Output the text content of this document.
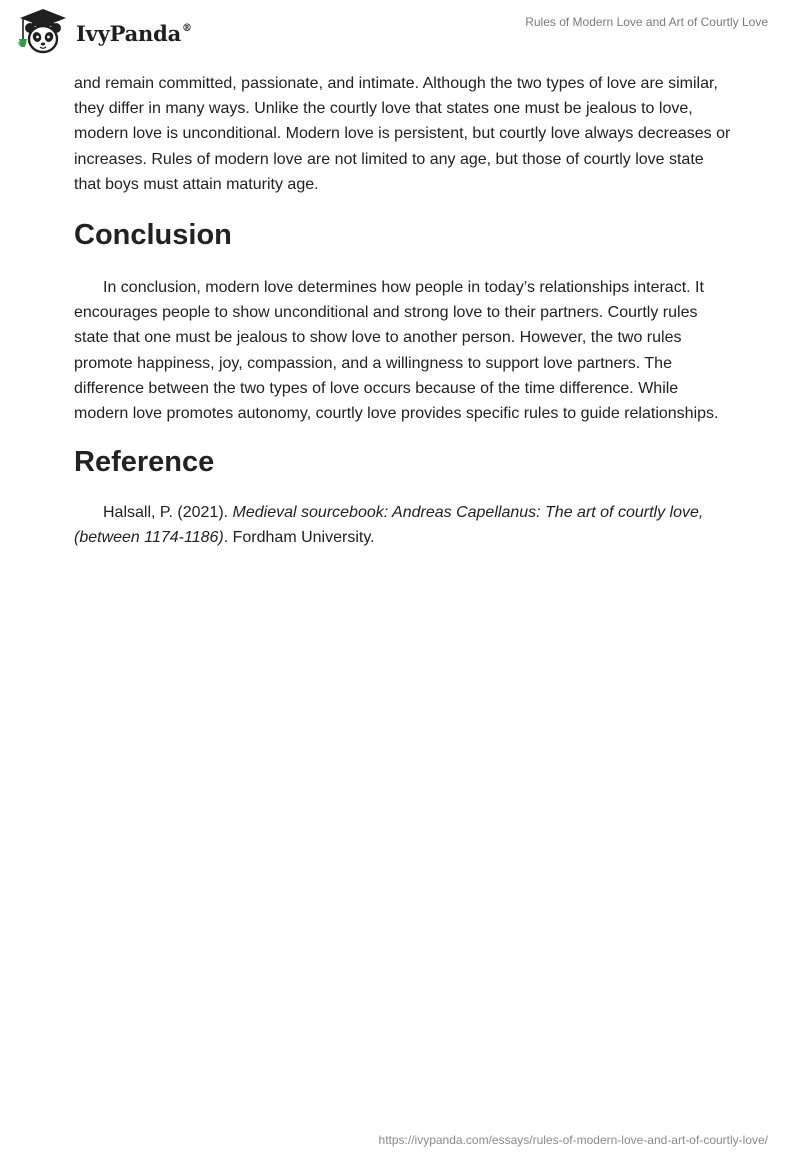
IvyPanda®	Rules of Modern Love and Art of Courtly Love

and remain committed, passionate, and intimate. Although the two types of love are similar, they differ in many ways. Unlike the courtly love that states one must be jealous to love, modern love is unconditional. Modern love is persistent, but courtly love always decreases or increases. Rules of modern love are not limited to any age, but those of courtly love state that boys must attain maturity age.

Conclusion

In conclusion, modern love determines how people in today’s relationships interact. It encourages people to show unconditional and strong love to their partners. Courtly rules state that one must be jealous to show love to another person. However, the two rules promote happiness, joy, compassion, and a willingness to support love partners. The difference between the two types of love occurs because of the time difference. While modern love promotes autonomy, courtly love provides specific rules to guide relationships.

Reference

Halsall, P. (2021). Medieval sourcebook: Andreas Capellanus: The art of courtly love, (between 1174-1186). Fordham University.

https://ivypanda.com/essays/rules-of-modern-love-and-art-of-courtly-love/
